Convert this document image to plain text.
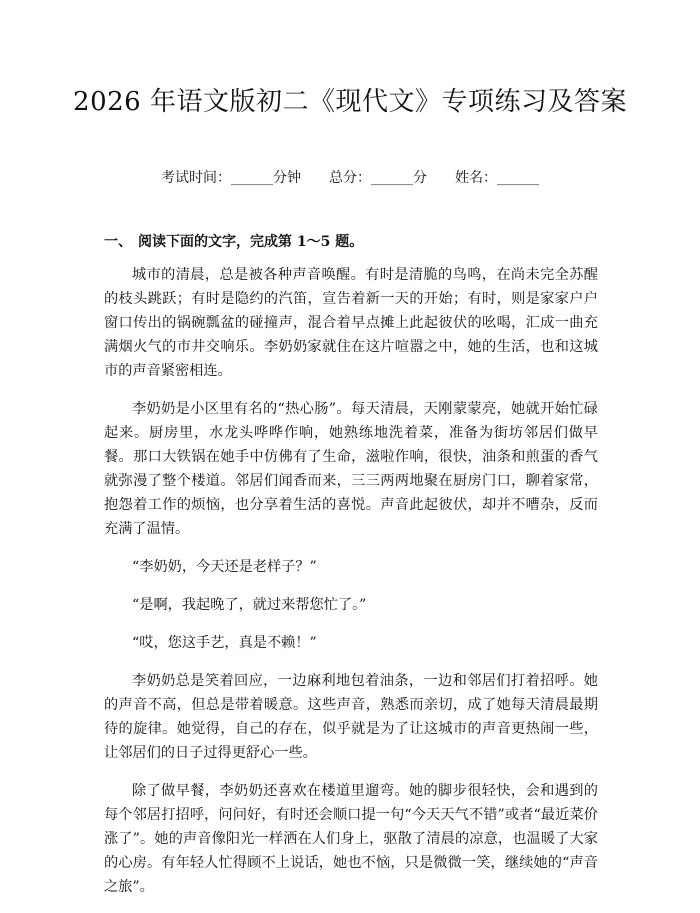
2026 年语文版初二《现代文》专项练习及答案
考试时间：______分钟 总分：______分 姓名：______
一、 阅读下面的文字，完成第 1～5 题。

城市的清晨，总是被各种声音唤醒。有时是清脆的鸟鸣，在尚未完全苏醒的枝头跳跃；有时是隐约的汽笛，宣告着新一天的开始；有时，则是家家户户窗口传出的锅碗瓢盆的碰撞声，混合着早点摊上此起彼伏的吆喝，汇成一曲充满烟火气的市井交响乐。李奶奶家就住在这片喧嚣之中，她的生活，也和这城市的声音紧密相连。

李奶奶是小区里有名的“热心肠”。每天清晨，天刚蒙蒙亮，她就开始忙碌起来。厨房里，水龙头哗哗作响，她熟练地洗着菜，准备为街坊邻居们做早餐。那口大铁锅在她手中仿佛有了生命，滋啦作响，很快，油条和煎蛋的香气就弥漫了整个楼道。邻居们闻香而来，三三两两地聚在厨房门口，聊着家常，抱怨着工作的烦恼，也分享着生活的喜悦。声音此起彼伏，却并不嘈杂，反而充满了温情。

“李奶奶，今天还是老样子？”

“是啊，我起晚了，就过来帮您忙了。”

“哎，您这手艺，真是不赖！”

李奶奶总是笑着回应，一边麻利地包着油条，一边和邻居们打着招呼。她的声音不高，但总是带着暖意。这些声音，熟悉而亲切，成了她每天清晨最期待的旋律。她觉得，自己的存在，似乎就是为了让这城市的声音更热闹一些，让邻居们的日子过得更舒心一些。

除了做早餐，李奶奶还喜欢在楼道里遛弯。她的脚步很轻快，会和遇到的每个邻居打招呼，问问好，有时还会顺口提一句“今天天气不错”或者“最近菜价涨了”。她的声音像阳光一样洒在人们身上，驱散了清晨的凉意，也温暖了大家的心房。有年轻人忙得顾不上说话，她也不恼，只是微微一笑，继续她的“声音之旅”。
